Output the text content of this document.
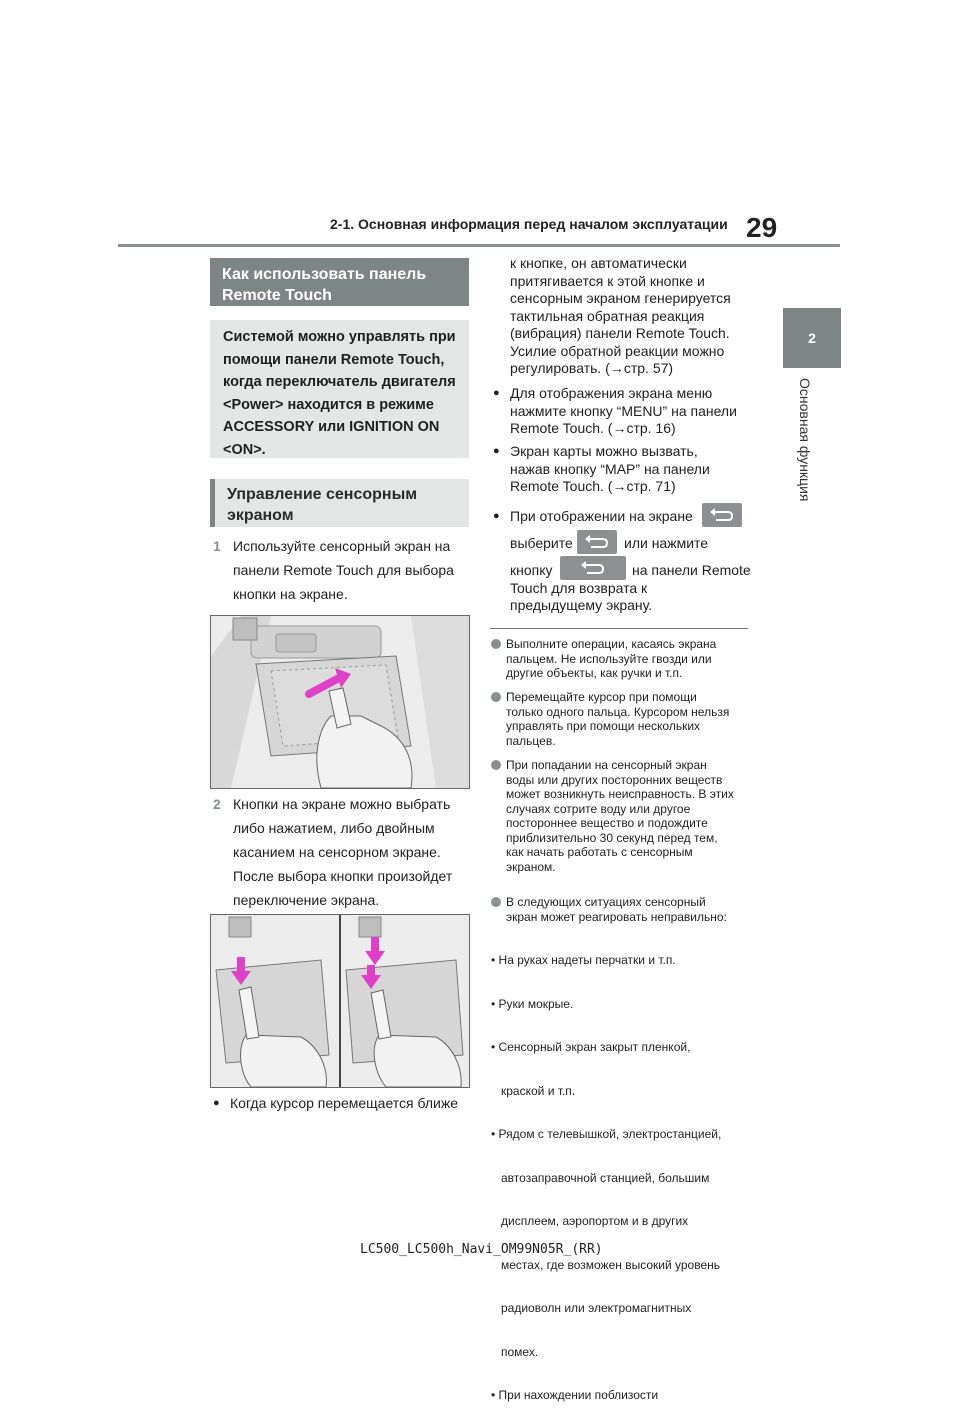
2-1. Основная информация перед началом эксплуатации 29
2
Основная функция
Как использовать панель
Remote Touch
Системой можно управлять при
помощи панели Remote Touch,
когда переключатель двигателя
<Power> находится в режиме
ACCESSORY или IGNITION ON
<ON>.
Управление сенсорным
экраном
1 Используйте сенсорный экран на
панели Remote Touch для выбора
кнопки на экране.
2 Кнопки на экране можно выбрать
либо нажатием, либо двойным
касанием на сенсорном экране.
После выбора кнопки произойдет
переключение экрана.
● Когда курсор перемещается ближе
к кнопке, он автоматически
притягивается к этой кнопке и
сенсорным экраном генерируется
тактильная обратная реакция
(вибрация) панели Remote Touch.
Усилие обратной реакции можно
регулировать. (→стр. 57)
● Для отображения экрана меню
нажмите кнопку “MENU” на панели
Remote Touch. (→стр. 16)
● Экран карты можно вызвать,
нажав кнопку “MAP” на панели
Remote Touch. (→стр. 71)
● При отображении на экране
выберите	или нажмите
кнопку	на панели Remote
Touch для возврата к
предыдущему экрану.
Выполните операции, касаясь экрана
пальцем. Не используйте гвозди или
другие объекты, как ручки и т.п.
Перемещайте курсор при помощи
только одного пальца. Курсором нельзя
управлять при помощи нескольких
пальцев.
При попадании на сенсорный экран
воды или других посторонних веществ
может возникнуть неисправность. В этих
случаях сотрите воду или другое
постороннее вещество и подождите
приблизительно 30 секунд перед тем,
как начать работать с сенсорным
экраном.
В следующих ситуациях сенсорный
экран может реагировать неправильно:

• На руках надеты перчатки и т.п.

• Руки мокрые.

• Сенсорный экран закрыт пленкой,

краской и т.п.

• Рядом с телевышкой, электростанцией,

автозаправочной станцией, большим

дисплеем, аэропортом и в других

местах, где возможен высокий уровень

радиоволн или электромагнитных

помех.

• При нахождении поблизости

LC500_LC500h_Navi_OM99N05R_(RR)
